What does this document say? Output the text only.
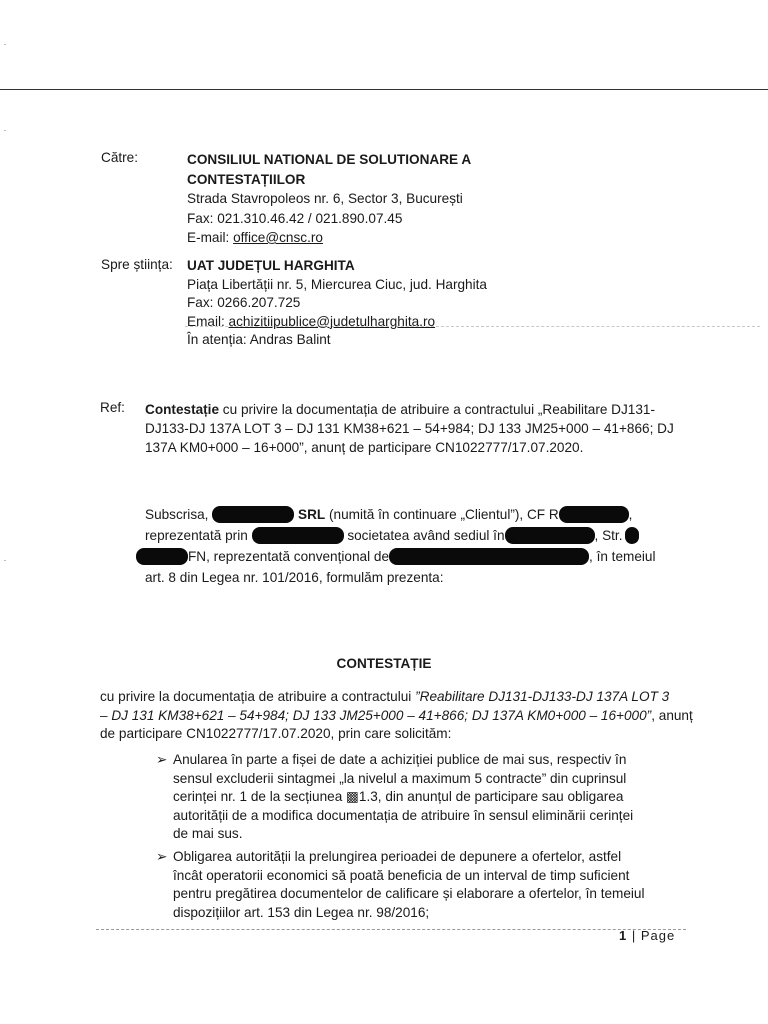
Către:	CONSILIUL NATIONAL DE SOLUTIONARE A
CONTESTAȚIILOR
Strada Stavropoleos nr. 6, Sector 3, București
Fax: 021.310.46.42 / 021.890.07.45
E-mail: office@cnsc.ro
Spre știința: UAT JUDEȚUL HARGHITA
Piața Libertății nr. 5, Miercurea Ciuc, jud. Harghita
Fax: 0266.207.725
Email: achizitiipublice@judetulharghita.ro
În atenția: Andras Balint
Ref: Contestație cu privire la documentația de atribuire a contractului „Reabilitare DJ131-
DJ133-DJ 137A LOT 3 – DJ 131 KM38+621 – 54+984; DJ 133 JM25+000 – 41+866; DJ
137A KM0+000 – 16+000”, anunț de participare CN1022777/17.07.2020.
Subscrisa,	SRL (numită în continuare „Clientul”), CF R	,
reprezentată prin	societatea având sediul în	, Str.
FN, reprezentată convențional de	, în temeiul
art. 8 din Legea nr. 101/2016, formulăm prezenta:
CONTESTAȚIE
cu privire la documentația de atribuire a contractului ”Reabilitare DJ131-DJ133-DJ 137A LOT 3
– DJ 131 KM38+621 – 54+984; DJ 133 JM25+000 – 41+866; DJ 137A KM0+000 – 16+000”, anunț
de participare CN1022777/17.07.2020, prin care solicităm:
➢ Anularea în parte a fișei de date a achiziției publice de mai sus, respectiv în
sensul excluderii sintagmei „la nivelul a maximum 5 contracte” din cuprinsul
cerinței nr. 1 de la secțiunea ▩1.3, din anunțul de participare sau obligarea
autorității de a modifica documentația de atribuire în sensul eliminării cerinței
de mai sus.
➢ Obligarea autorității la prelungirea perioadei de depunere a ofertelor, astfel
încât operatorii economici să poată beneficia de un interval de timp suficient
pentru pregătirea documentelor de calificare și elaborare a ofertelor, în temeiul
dispozițiilor art. 153 din Legea nr. 98/2016;
1 | Page
